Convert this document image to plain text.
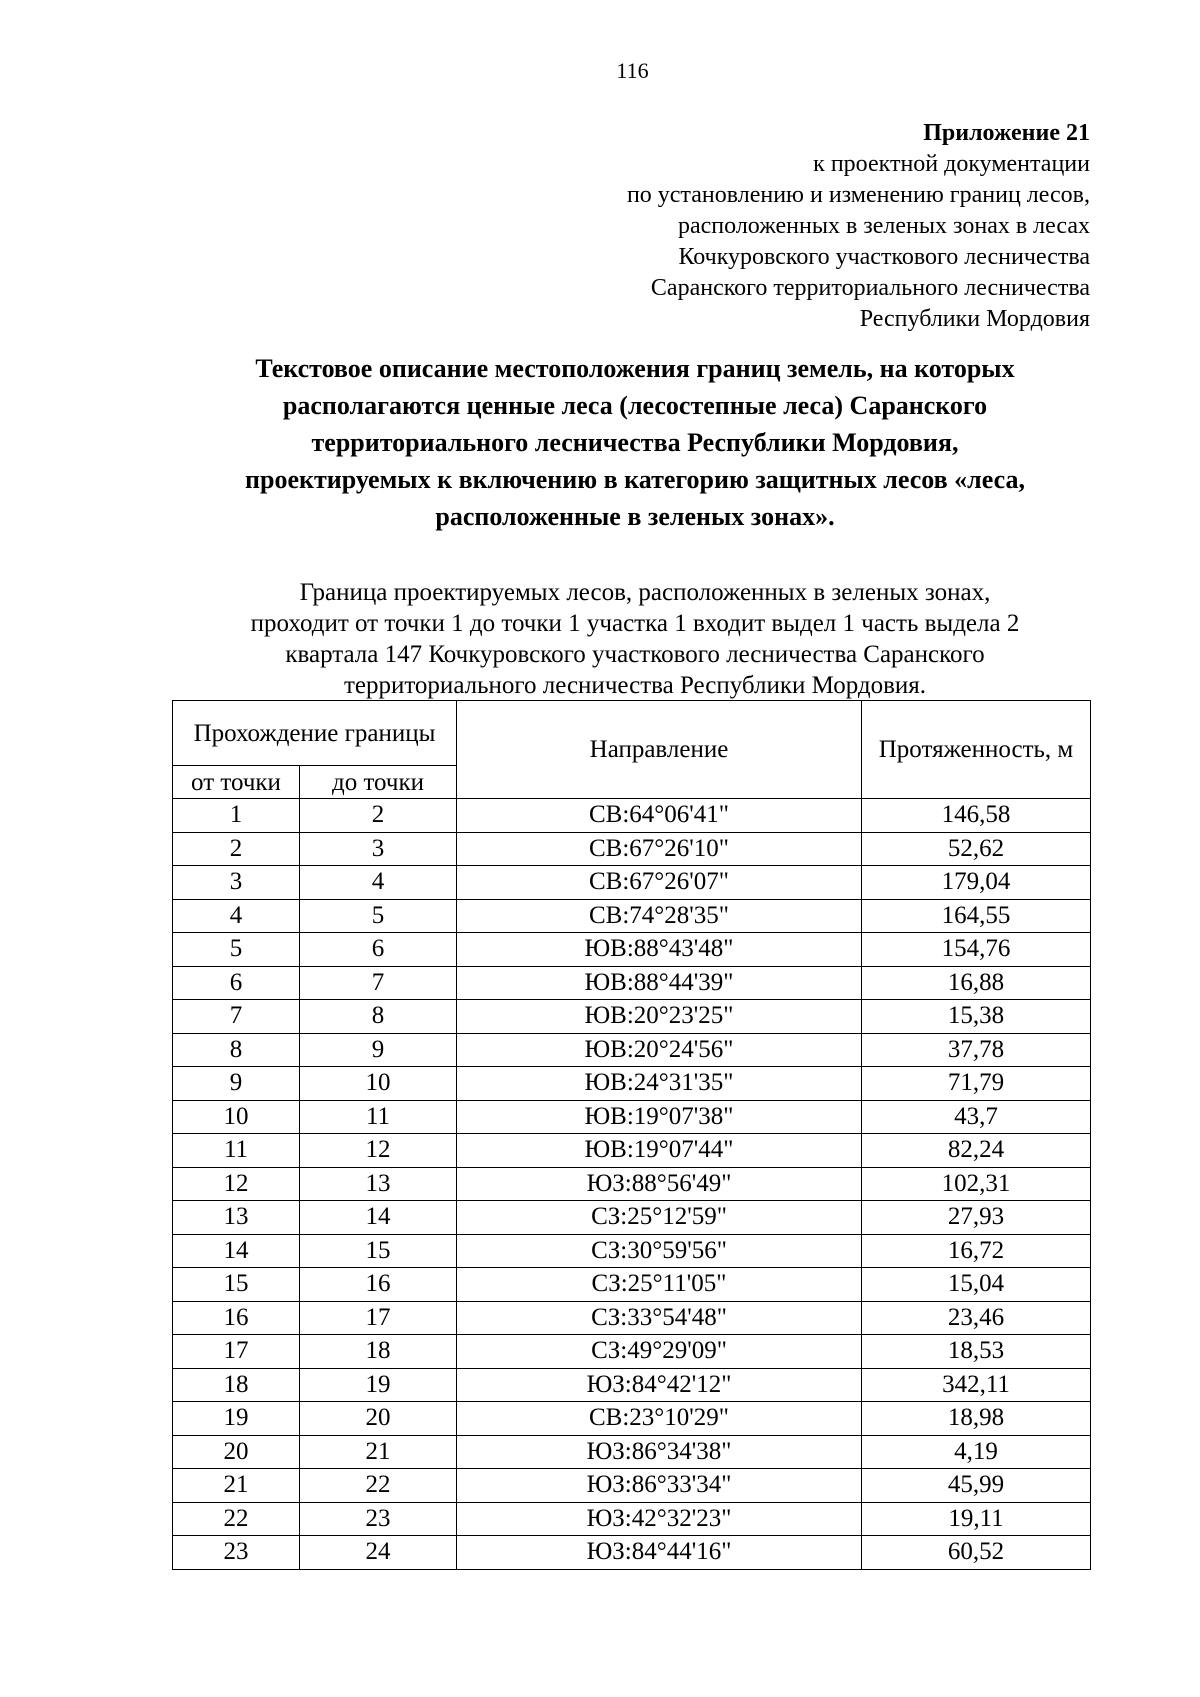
116
Приложение 21
к проектной документации
по установлению и изменению границ лесов,
расположенных в зеленых зонах в лесах
Кочкуровского участкового лесничества
Саранского территориального лесничества
Республики Мордовия
Текстовое описание местоположения границ земель, на которых
располагаются ценные леса (лесостепные леса) Саранского
территориального лесничества Республики Мордовия,
проектируемых к включению в категорию защитных лесов «леса,
расположенные в зеленых зонах».
Граница проектируемых лесов, расположенных в зеленых зонах,
проходит от точки 1 до точки 1 участка 1 входит выдел 1 часть выдела 2
квартала 147 Кочкуровского участкового лесничества Саранского
территориального лесничества Республики Мордовия.
Прохождение границы		Направление	Протяженность, м
от точки	до точки		
1	2	СВ:64°06'41"	146,58
2	3	СВ:67°26'10"	52,62
3	4	СВ:67°26'07"	179,04
4	5	СВ:74°28'35"	164,55
5	6	ЮВ:88°43'48"	154,76
6	7	ЮВ:88°44'39"	16,88
7	8	ЮВ:20°23'25"	15,38
8	9	ЮВ:20°24'56"	37,78
9	10	ЮВ:24°31'35"	71,79
10	11	ЮВ:19°07'38"	43,7
11	12	ЮВ:19°07'44"	82,24
12	13	ЮЗ:88°56'49"	102,31
13	14	СЗ:25°12'59"	27,93
14	15	СЗ:30°59'56"	16,72
15	16	СЗ:25°11'05"	15,04
16	17	СЗ:33°54'48"	23,46
17	18	СЗ:49°29'09"	18,53
18	19	ЮЗ:84°42'12"	342,11
19	20	СВ:23°10'29"	18,98
20	21	ЮЗ:86°34'38"	4,19
21	22	ЮЗ:86°33'34"	45,99
22	23	ЮЗ:42°32'23"	19,11
23	24	ЮЗ:84°44'16"	60,52
